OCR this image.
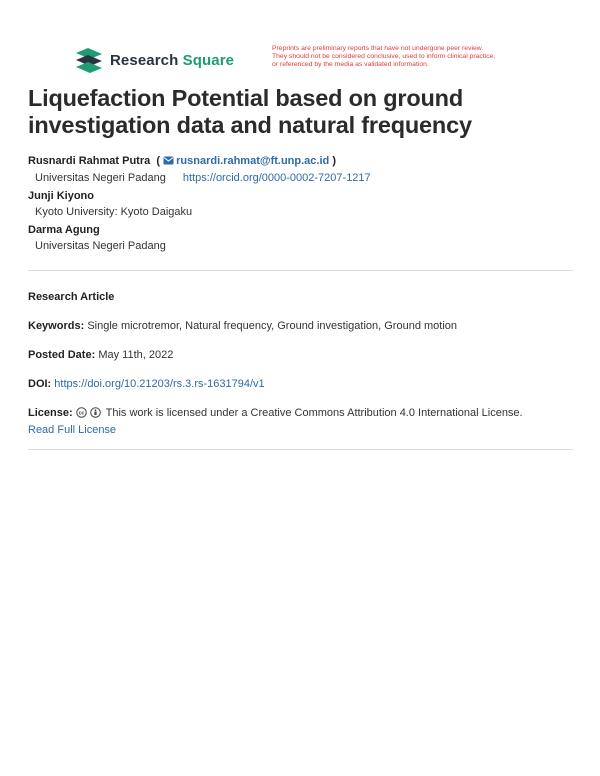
Research Square
Preprints are preliminary reports that have not undergone peer review.
They should not be considered conclusive, used to inform clinical practice,
or referenced by the media as validated information.
Liquefaction Potential based on ground
investigation data and natural frequency
Rusnardi Rahmat Putra ( rusnardi.rahmat@ft.unp.ac.id )
Universitas Negeri Padang https://orcid.org/0000-0002-7207-1217
Junji Kiyono
Kyoto University: Kyoto Daigaku
Darma Agung
Universitas Negeri Padang
Research Article
Keywords: Single microtremor, Natural frequency, Ground investigation, Ground motion
Posted Date: May 11th, 2022
DOI: https://doi.org/10.21203/rs.3.rs-1631794/v1
License: cc This work is licensed under a Creative Commons Attribution 4.0 International License.
Read Full License
